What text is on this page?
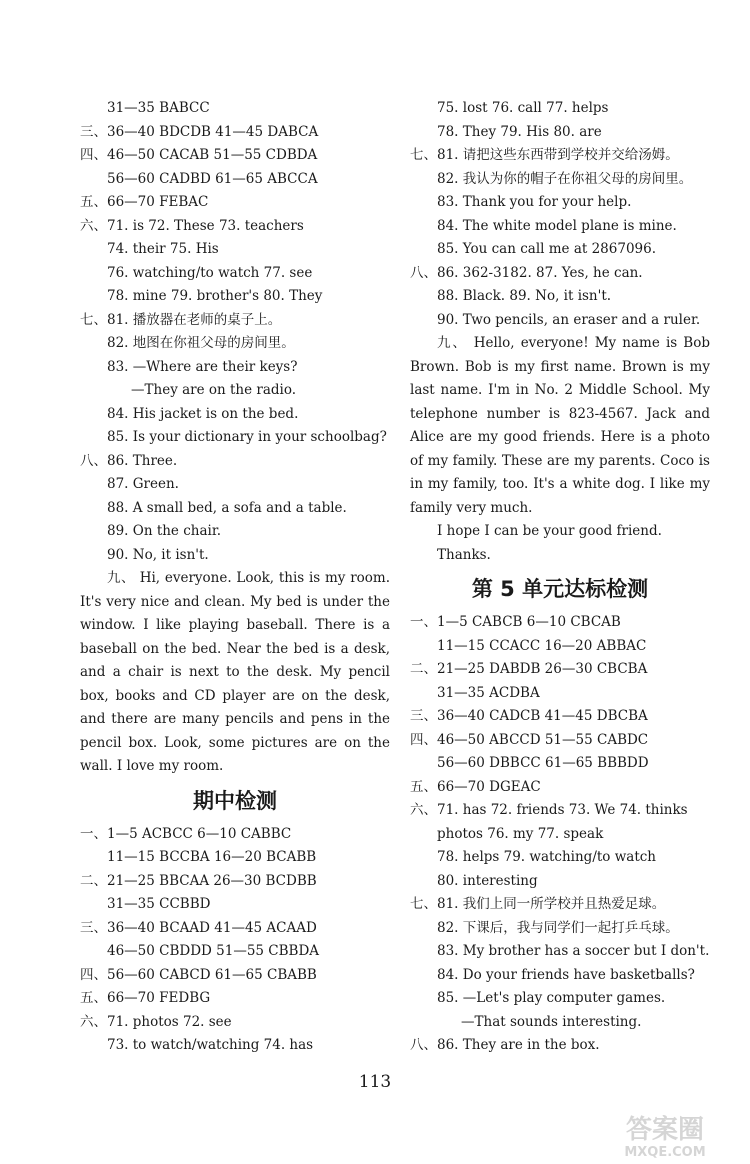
31—35 BABCC
三、36—40 BDCDB 41—45 DABCA
四、46—50 CACAB 51—55 CDBDA
56—60 CADBD 61—65 ABCCA
五、66—70 FEBAC
六、71. is 72. These 73. teachers
74. their 75. His
76. watching/to watch 77. see
78. mine 79. brother's 80. They
七、81. 播放器在老师的桌子上。
82. 地图在你祖父母的房间里。
83. —Where are their keys?
—They are on the radio.
84. His jacket is on the bed.
85. Is your dictionary in your schoolbag?
八、86. Three.
87. Green.
88. A small bed, a sofa and a table.
89. On the chair.
90. No, it isn't.
九、 Hi, everyone. Look, this is my room. It's very nice and clean. My bed is under the window. I like playing baseball. There is a baseball on the bed. Near the bed is a desk, and a chair is next to the desk. My pencil box, books and CD player are on the desk, and there are many pencils and pens in the pencil box. Look, some pictures are on the wall. I love my room.
期中检测
一、1—5 ACBCC 6—10 CABBC
11—15 BCCBA 16—20 BCABB
二、21—25 BBCAA 26—30 BCDBB
31—35 CCBBD
三、36—40 BCAAD 41—45 ACAAD
46—50 CBDDD 51—55 CBBDA
四、56—60 CABCD 61—65 CBABB
五、66—70 FEDBG
六、71. photos 72. see
73. to watch/watching 74. has
75. lost 76. call 77. helps
78. They 79. His 80. are
七、81. 请把这些东西带到学校并交给汤姆。
82. 我认为你的帽子在你祖父母的房间里。
83. Thank you for your help.
84. The white model plane is mine.
85. You can call me at 2867096.
八、86. 362-3182. 87. Yes, he can.
88. Black. 89. No, it isn't.
90. Two pencils, an eraser and a ruler.
九、 Hello, everyone! My name is Bob Brown. Bob is my first name. Brown is my last name. I'm in No. 2 Middle School. My telephone number is 823-4567. Jack and Alice are my good friends. Here is a photo of my family. These are my parents. Coco is in my family, too. It's a white dog. I like my family very much.
I hope I can be your good friend.
Thanks.
第 5 单元达标检测
一、1—5 CABCB 6—10 CBCAB
11—15 CCACC 16—20 ABBAC
二、21—25 DABDB 26—30 CBCBA
31—35 ACDBA
三、36—40 CADCB 41—45 DBCBA
四、46—50 ABCCD 51—55 CABDC
56—60 DBBCC 61—65 BBBDD
五、66—70 DGEAC
六、71. has 72. friends 73. We 74. thinks
photos 76. my 77. speak
78. helps 79. watching/to watch
80. interesting
七、81. 我们上同一所学校并且热爱足球。
82. 下课后，我与同学们一起打乒乓球。
83. My brother has a soccer but I don't.
84. Do your friends have basketballs?
85. —Let's play computer games.
—That sounds interesting.
八、86. They are in the box.
113
答案圈
MXQE.COM
